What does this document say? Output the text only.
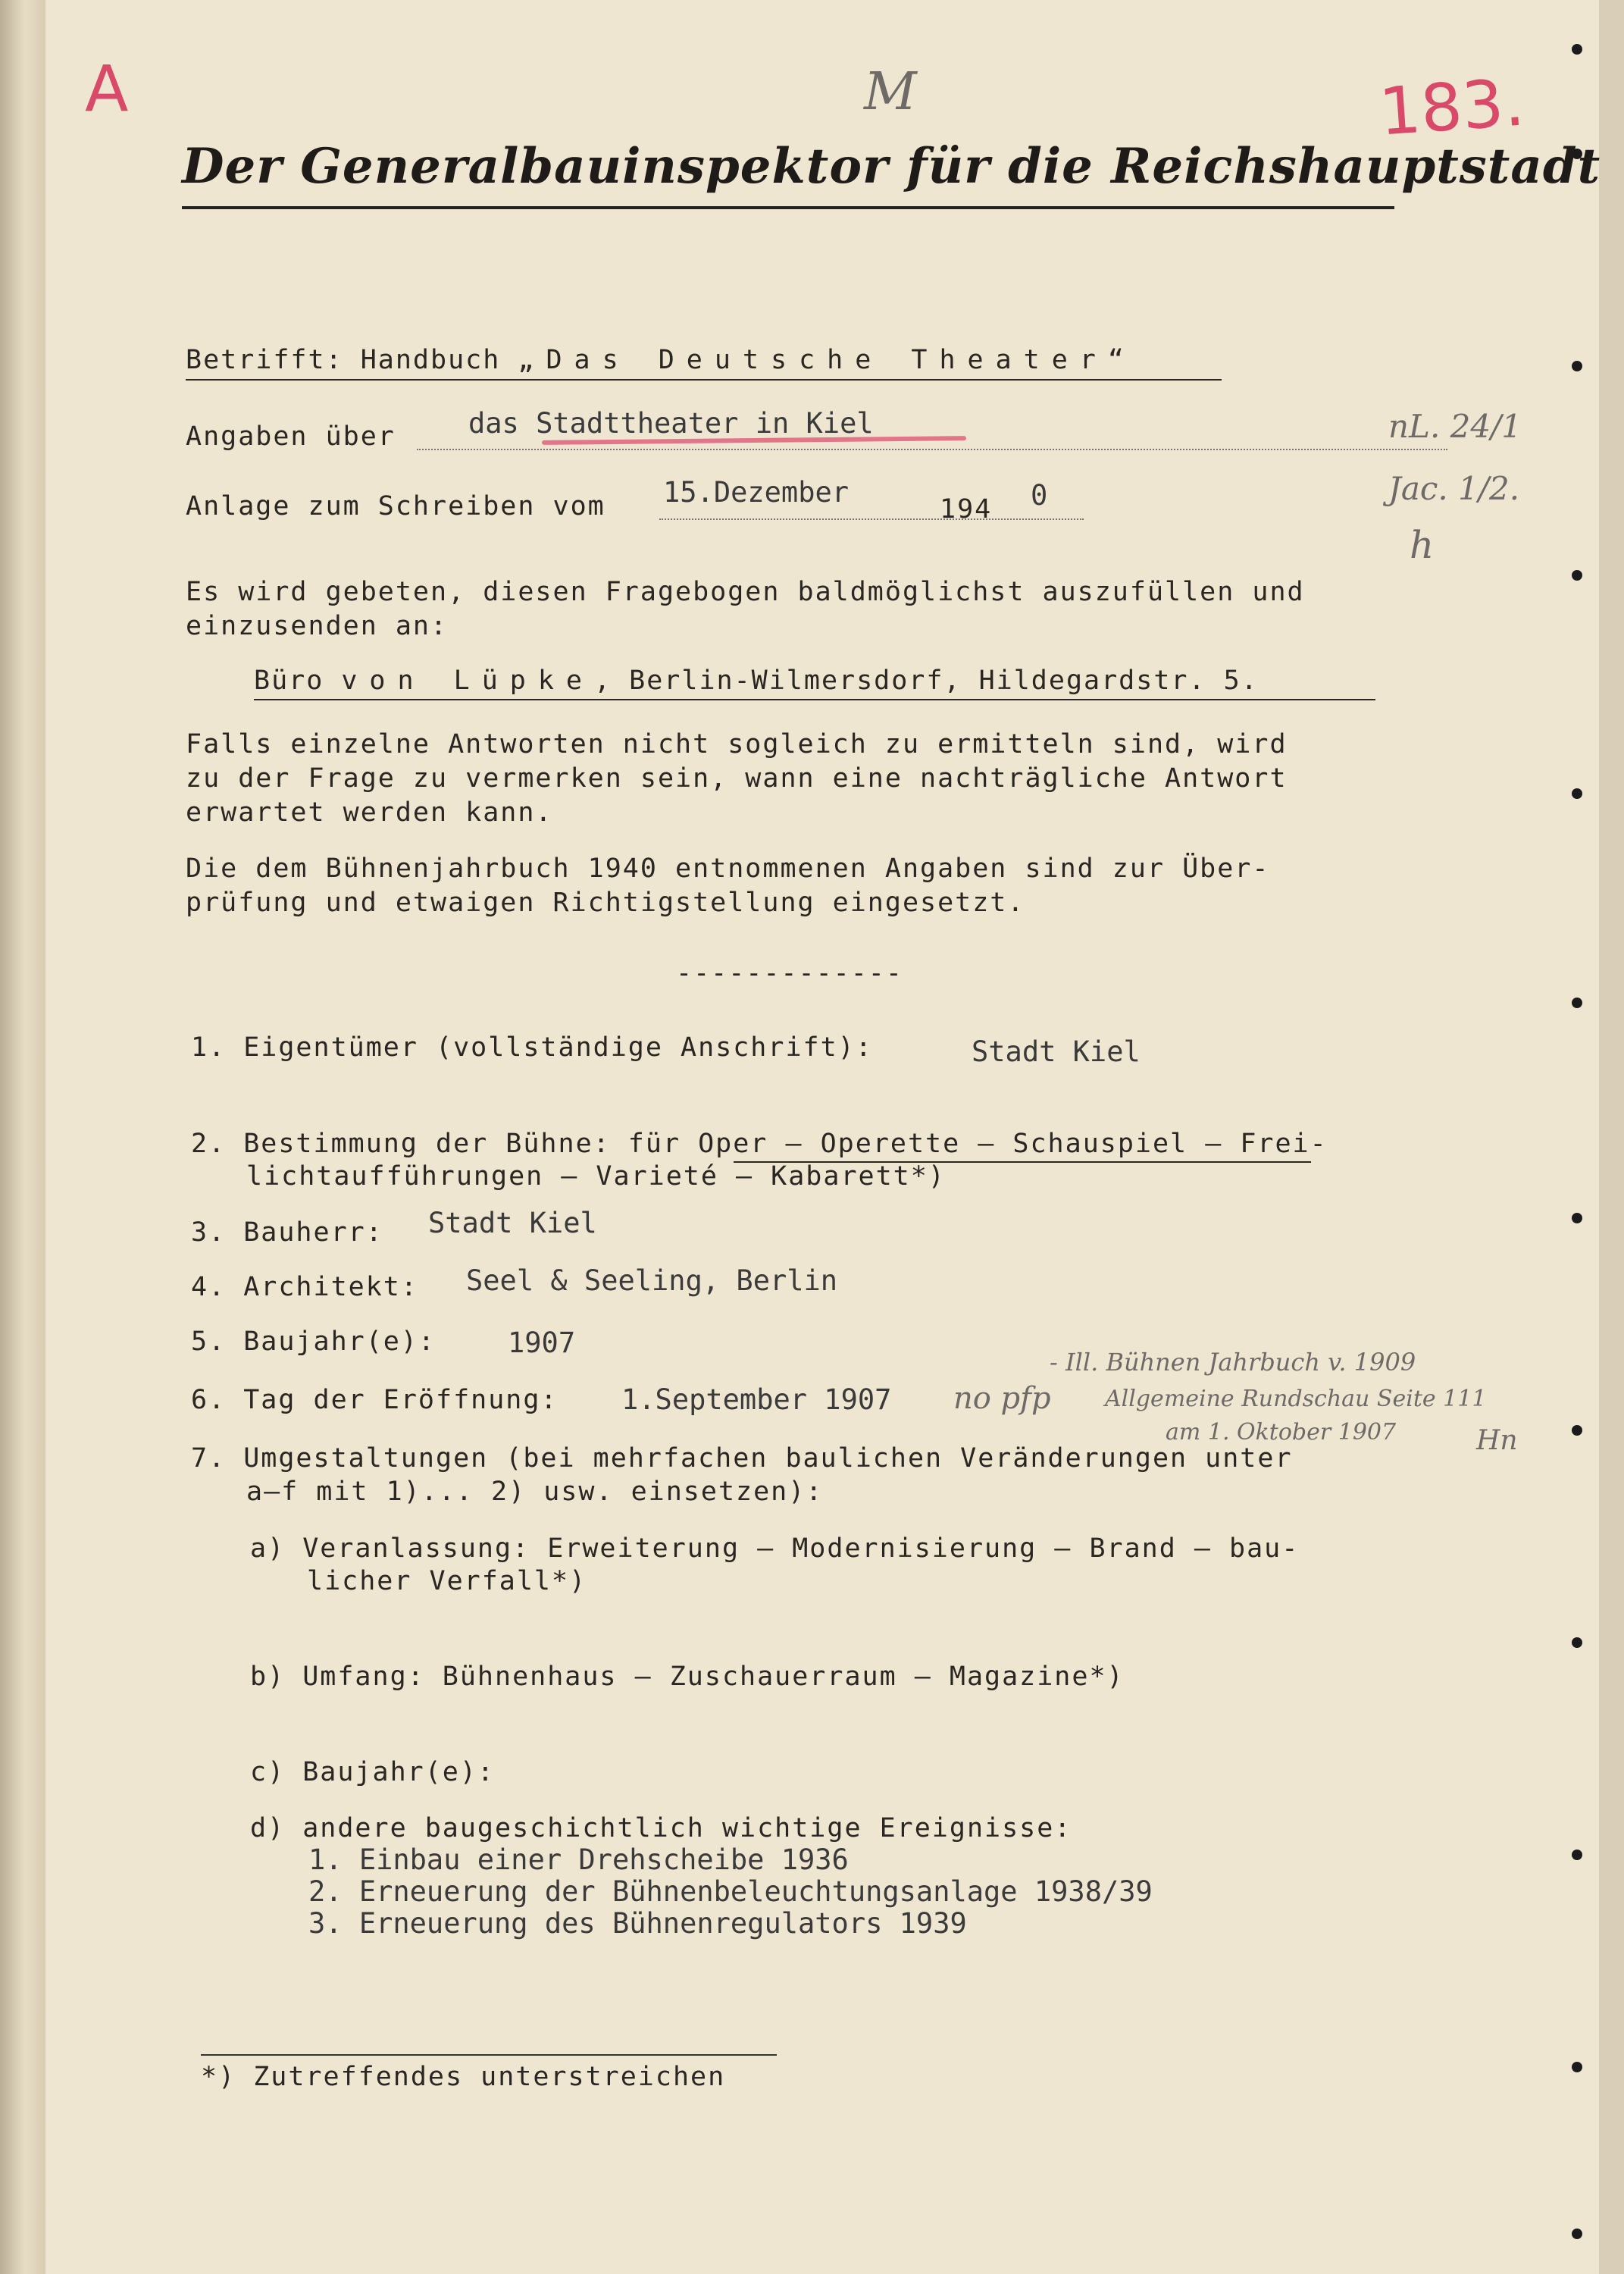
A	183.
M
Der Generalbauinspektor für die Reichshauptstadt
Betrifft: Handbuch „Das Deutsche Theater“
Angaben über	das Stadttheater in Kiel
Anlage zum Schreiben vom 15.Dezember
194 0
nL. 24/1
Jac. 1/2.
h
Es wird gebeten, diesen Fragebogen baldmöglichst auszufüllen und
einzusenden an:
Büro von Lüpke, Berlin-Wilmersdorf, Hildegardstr. 5.
Falls einzelne Antworten nicht sogleich zu ermitteln sind, wird
zu der Frage zu vermerken sein, wann eine nachträgliche Antwort
erwartet werden kann.
Die dem Bühnenjahrbuch 1940 entnommenen Angaben sind zur Über-
prüfung und etwaigen Richtigstellung eingesetzt.
-------------
1. Eigentümer (vollständige Anschrift):	Stadt Kiel
2. Bestimmung der Bühne: für Oper — Operette — Schauspiel — Frei-
lichtaufführungen — Varieté — Kabarett*)
3. Bauherr: Stadt Kiel
4. Architekt: Seel & Seeling, Berlin
5. Baujahr(e):	1907
6. Tag der Eröffnung: 1.September 1907 no pfp
- Ill. Bühnen Jahrbuch v. 1909
Allgemeine Rundschau Seite 111
am 1. Oktober 1907	Hn
7. Umgestaltungen (bei mehrfachen baulichen Veränderungen unter
a—f mit 1)... 2) usw. einsetzen):
a) Veranlassung: Erweiterung — Modernisierung — Brand — bau-
licher Verfall*)
b) Umfang: Bühnenhaus — Zuschauerraum — Magazine*)
c) Baujahr(e):
d) andere baugeschichtlich wichtige Ereignisse:
1. Einbau einer Drehscheibe 1936
2. Erneuerung der Bühnenbeleuchtungsanlage 1938/39
3. Erneuerung des Bühnenregulators 1939
*) Zutreffendes unterstreichen
